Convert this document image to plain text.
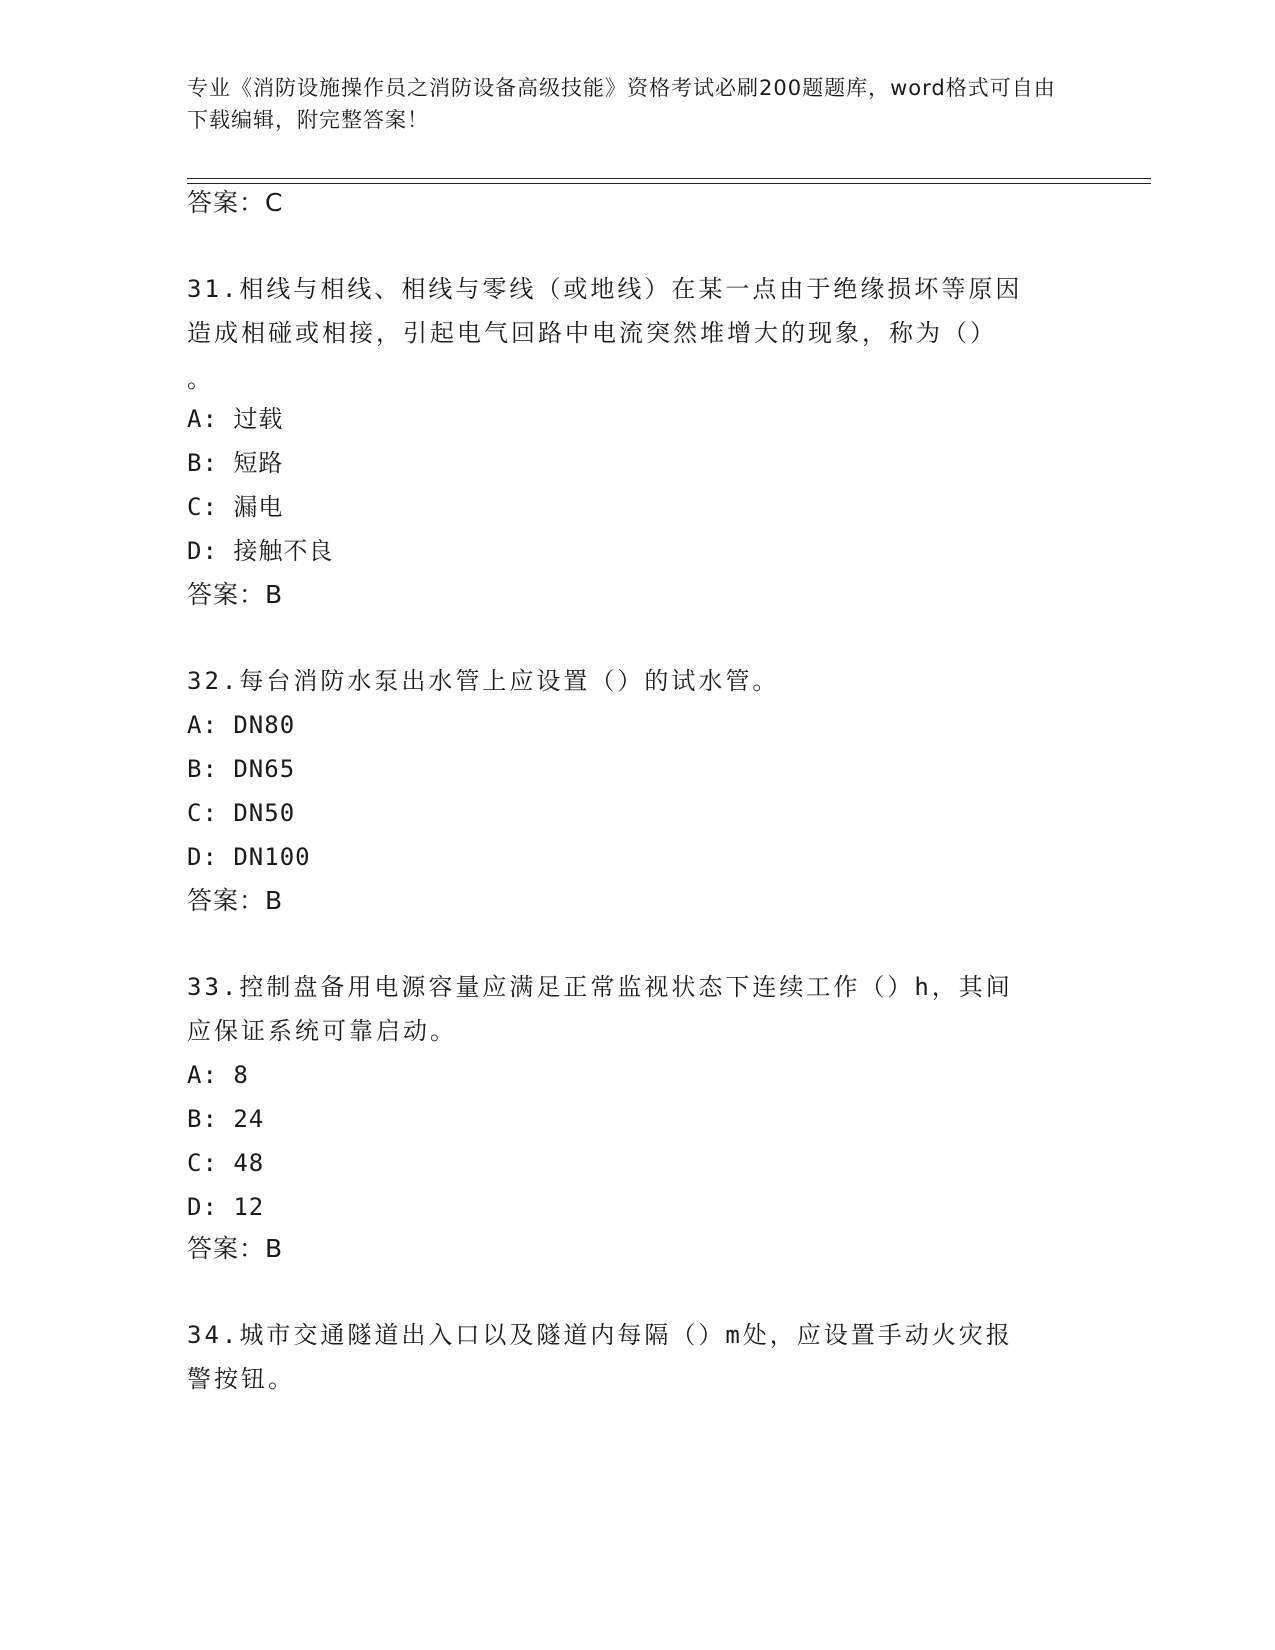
专业《消防设施操作员之消防设备高级技能》资格考试必刷200题题库，word格式可自由下载编辑，附完整答案！
答案：C
31.相线与相线、相线与零线（或地线）在某一点由于绝缘损坏等原因
造成相碰或相接，引起电气回路中电流突然堆增大的现象，称为（）
。
A: 过载
B: 短路
C: 漏电
D: 接触不良
答案：B
32.每台消防水泵出水管上应设置（）的试水管。
A: DN80
B: DN65
C: DN50
D: DN100
答案：B
33.控制盘备用电源容量应满足正常监视状态下连续工作（）h，其间
应保证系统可靠启动。
A: 8
B: 24
C: 48
D: 12
答案：B
34.城市交通隧道出入口以及隧道内每隔（）m处，应设置手动火灾报
警按钮。
